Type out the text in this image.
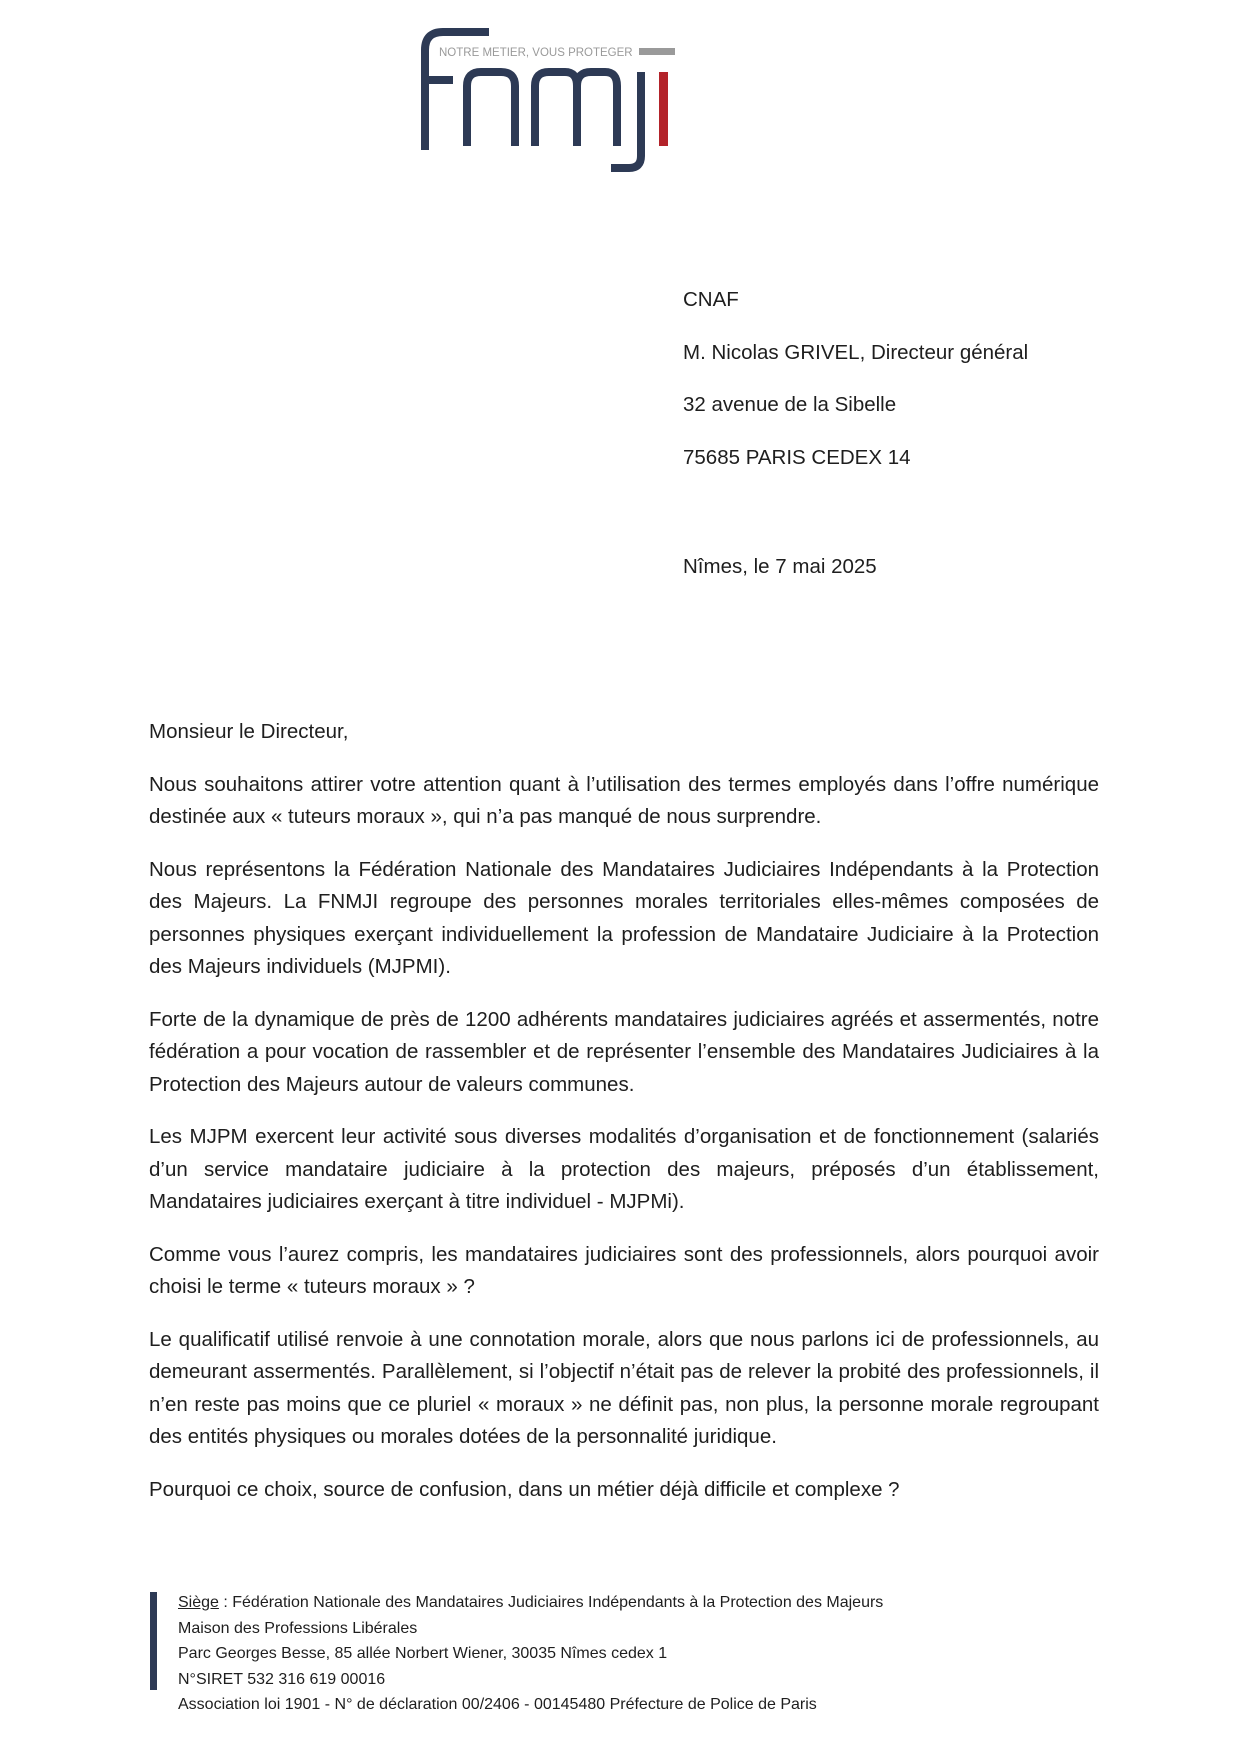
NOTRE METIER, VOUS PROTEGER
CNAF
M. Nicolas GRIVEL, Directeur général
32 avenue de la Sibelle
75685 PARIS CEDEX 14
Nîmes, le 7 mai 2025

Monsieur le Directeur,

Nous souhaitons attirer votre attention quant à l’utilisation des termes employés dans l’offre numérique destinée aux « tuteurs moraux », qui n’a pas manqué de nous surprendre.

Nous représentons la Fédération Nationale des Mandataires Judiciaires Indépendants à la Protection des Majeurs. La FNMJI regroupe des personnes morales territoriales elles-mêmes composées de personnes physiques exerçant individuellement la profession de Mandataire Judiciaire à la Protection des Majeurs individuels (MJPMI).

Forte de la dynamique de près de 1200 adhérents mandataires judiciaires agréés et assermentés, notre fédération a pour vocation de rassembler et de représenter l’ensemble des Mandataires Judiciaires à la Protection des Majeurs autour de valeurs communes.

Les MJPM exercent leur activité sous diverses modalités d’organisation et de fonctionnement (salariés d’un service mandataire judiciaire à la protection des majeurs, préposés d’un établissement, Mandataires judiciaires exerçant à titre individuel - MJPMi).

Comme vous l’aurez compris, les mandataires judiciaires sont des professionnels, alors pourquoi avoir choisi le terme « tuteurs moraux » ?

Le qualificatif utilisé renvoie à une connotation morale, alors que nous parlons ici de professionnels, au demeurant assermentés. Parallèlement, si l’objectif n’était pas de relever la probité des professionnels, il n’en reste pas moins que ce pluriel « moraux » ne définit pas, non plus, la personne morale regroupant des entités physiques ou morales dotées de la personnalité juridique.

Pourquoi ce choix, source de confusion, dans un métier déjà difficile et complexe ?

Siège : Fédération Nationale des Mandataires Judiciaires Indépendants à la Protection des Majeurs
Maison des Professions Libérales
Parc Georges Besse, 85 allée Norbert Wiener, 30035 Nîmes cedex 1
N°SIRET 532 316 619 00016
Association loi 1901 - N° de déclaration 00/2406 - 00145480 Préfecture de Police de Paris
